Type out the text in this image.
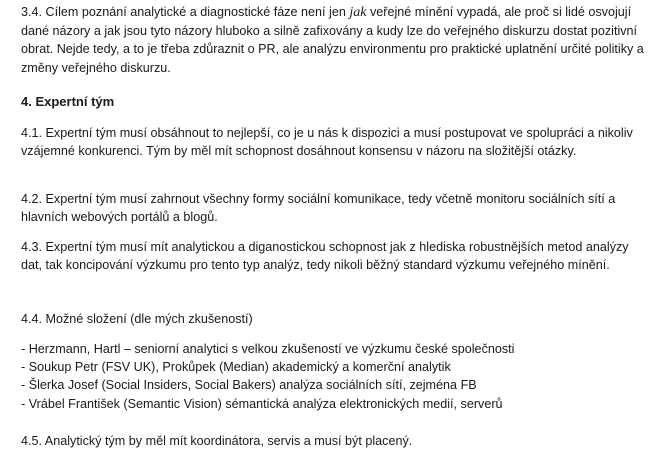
3.4. Cílem poznání analytické a diagnostické fáze není jen jak veřejné mínění vypadá, ale proč si lidé osvojují dané názory a jak jsou tyto názory hluboko a silně zafixovány a kudy lze do veřejného diskurzu dostat pozitivní obrat. Nejde tedy, a to je třeba zdůraznit o PR, ale analýzu environmentu pro praktické uplatnění určité politiky a změny veřejného diskurzu.

4. Expertní tým

4.1. Expertní tým musí obsáhnout to nejlepší, co je u nás k dispozici a musí postupovat ve spolupráci a nikoliv vzájemné konkurenci. Tým by měl mít schopnost dosáhnout konsensu v názoru na složitější otázky.

4.2. Expertní tým musí zahrnout všechny formy sociální komunikace, tedy včetně monitoru sociálních sítí a hlavních webových portálů a blogů.

4.3. Expertní tým musí mít analytickou a diganostickou schopnost jak z hlediska robustnějších metod analýzy dat, tak koncipování výzkumu pro tento typ analýz, tedy nikoli běžný standard výzkumu veřejného mínění.

4.4. Možné složení (dle mých zkušeností)

- Herzmann, Hartl – seniorní analytici s velkou zkušeností ve výzkumu české společnosti
- Soukup Petr (FSV UK), Prokůpek (Median) akademický a komerční analytik
- Šlerka Josef (Social Insiders, Social Bakers) analýza sociálních sítí, zejména FB
- Vrábel František (Semantic Vision) sémantická analýza elektronických medií, serverů

4.5. Analytický tým by měl mít koordinátora, servis a musí být placený.
